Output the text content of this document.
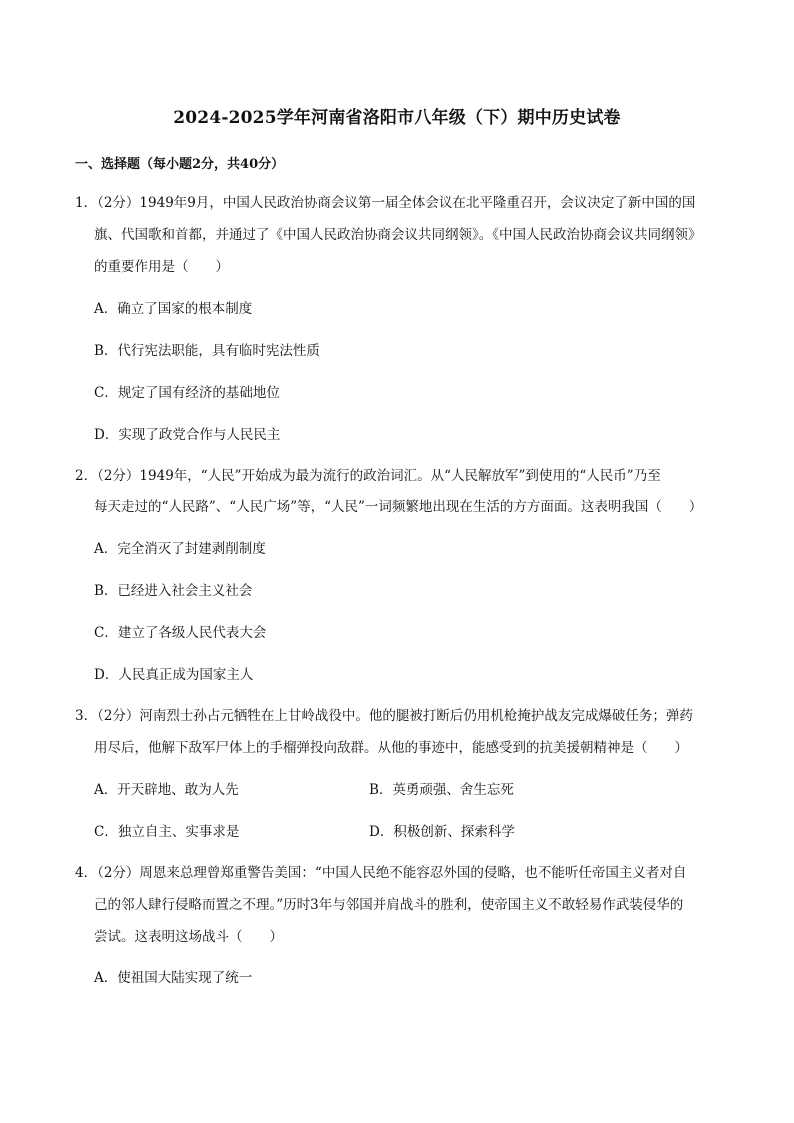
2024-2025学年河南省洛阳市八年级（下）期中历史试卷
一、选择题（每小题2分，共40分）
1．（2分）1949年9月，中国人民政治协商会议第一届全体会议在北平隆重召开，会议决定了新中国的国
旗、代国歌和首都，并通过了《中国人民政治协商会议共同纲领》。《中国人民政治协商会议共同纲领》
的重要作用是（　　）
A．确立了国家的根本制度
B．代行宪法职能，具有临时宪法性质
C．规定了国有经济的基础地位
D．实现了政党合作与人民民主
2．（2分）1949年，“人民”开始成为最为流行的政治词汇。从“人民解放军”到使用的“人民币”乃至
每天走过的“人民路”、“人民广场”等，“人民”一词频繁地出现在生活的方方面面。这表明我国（　　）
A．完全消灭了封建剥削制度
B．已经进入社会主义社会
C．建立了各级人民代表大会
D．人民真正成为国家主人
3．（2分）河南烈士孙占元牺牲在上甘岭战役中。他的腿被打断后仍用机枪掩护战友完成爆破任务；弹药
用尽后，他解下敌军尸体上的手榴弹投向敌群。从他的事迹中，能感受到的抗美援朝精神是（　　）
A．开天辟地、敢为人先	B．英勇顽强、舍生忘死
C．独立自主、实事求是	D．积极创新、探索科学
4．（2分）周恩来总理曾郑重警告美国：“中国人民绝不能容忍外国的侵略，也不能听任帝国主义者对自
己的邻人肆行侵略而置之不理。”历时3年与邻国并肩战斗的胜利，使帝国主义不敢轻易作武装侵华的
尝试。这表明这场战斗（　　）
A．使祖国大陆实现了统一
